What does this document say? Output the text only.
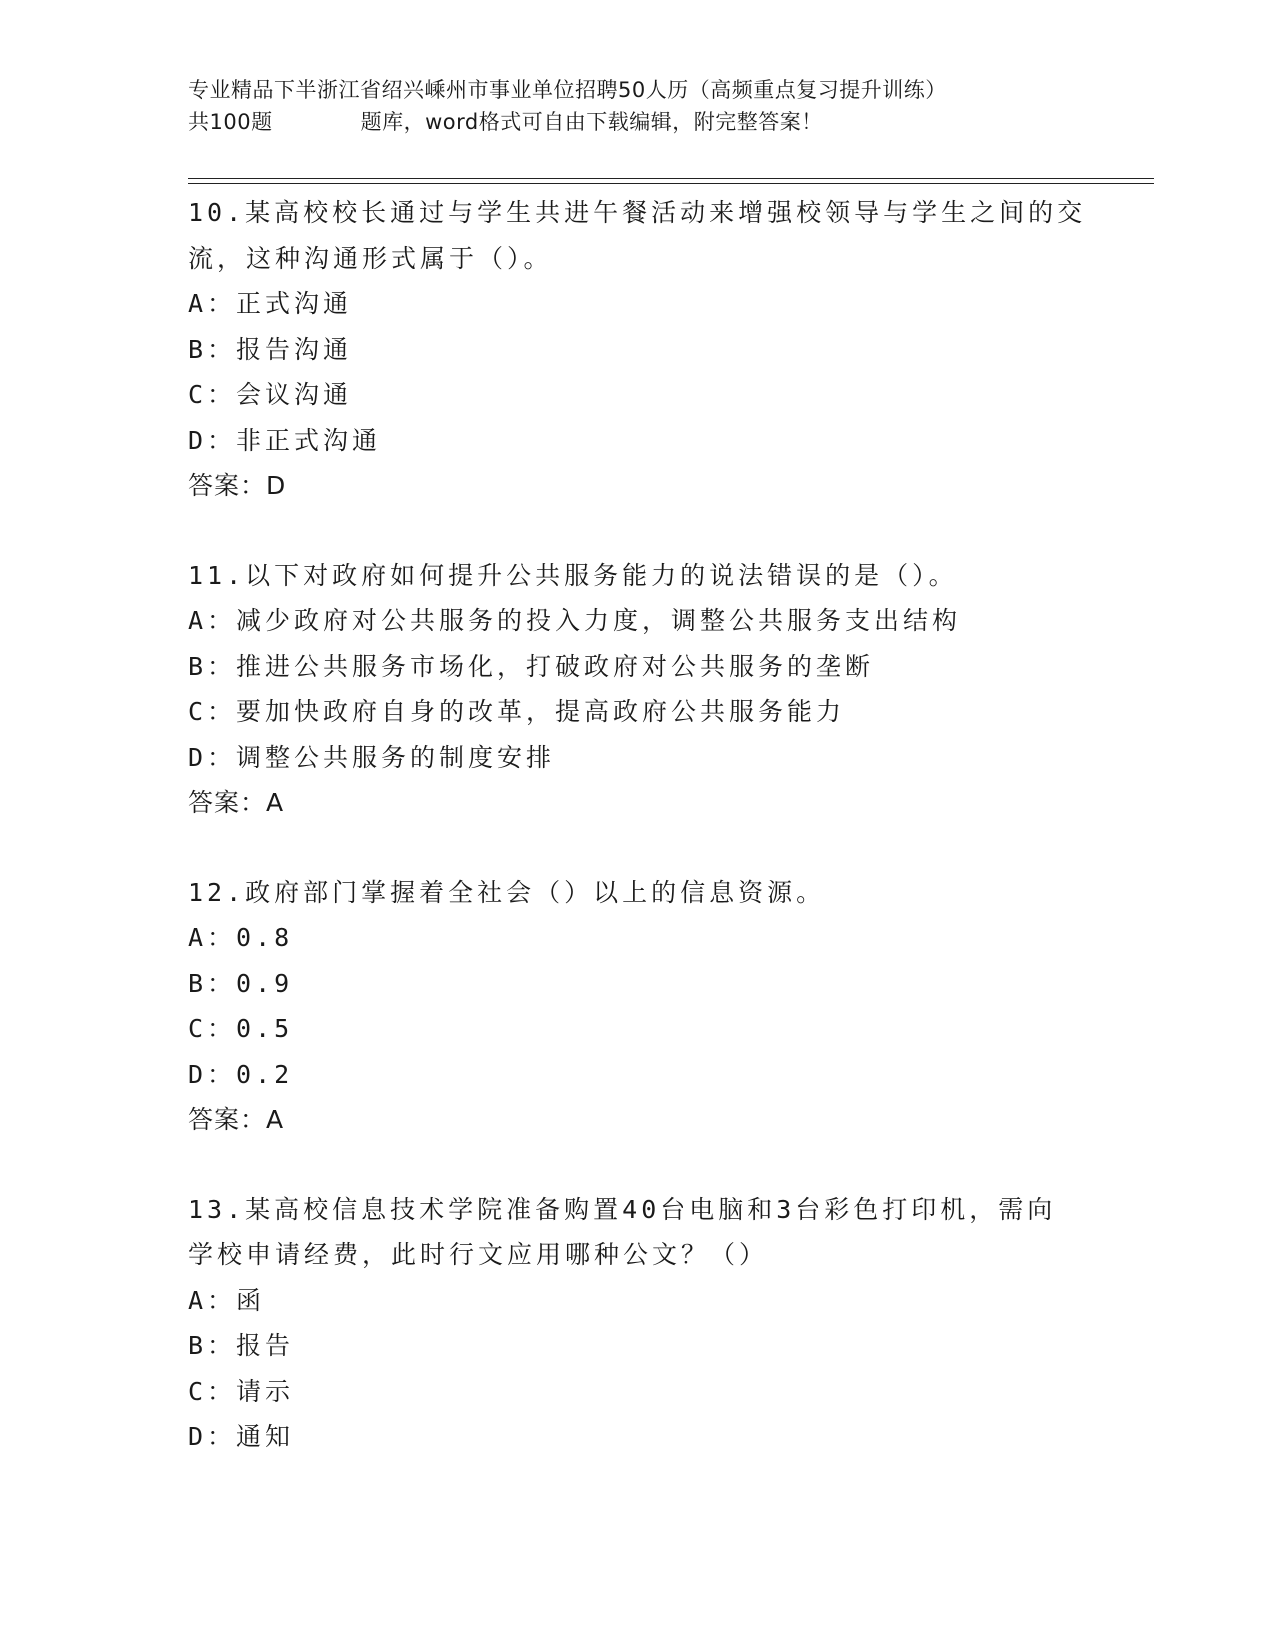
专业精品下半浙江省绍兴嵊州市事业单位招聘50人历（高频重点复习提升训练）
共100题	题库，word格式可自由下载编辑，附完整答案！

10.某高校校长通过与学生共进午餐活动来增强校领导与学生之间的交

流，这种沟通形式属于（）。

A：正式沟通

B：报告沟通

C：会议沟通

D：非正式沟通

答案：D

11.以下对政府如何提升公共服务能力的说法错误的是（）。

A：减少政府对公共服务的投入力度，调整公共服务支出结构

B：推进公共服务市场化，打破政府对公共服务的垄断

C：要加快政府自身的改革，提高政府公共服务能力

D：调整公共服务的制度安排

答案：A

12.政府部门掌握着全社会（）以上的信息资源。

A：0.8

B：0.9

C：0.5

D：0.2

答案：A

13.某高校信息技术学院准备购置40台电脑和3台彩色打印机，需向

学校申请经费，此时行文应用哪种公文？（）

A：函

B：报告

C：请示

D：通知
